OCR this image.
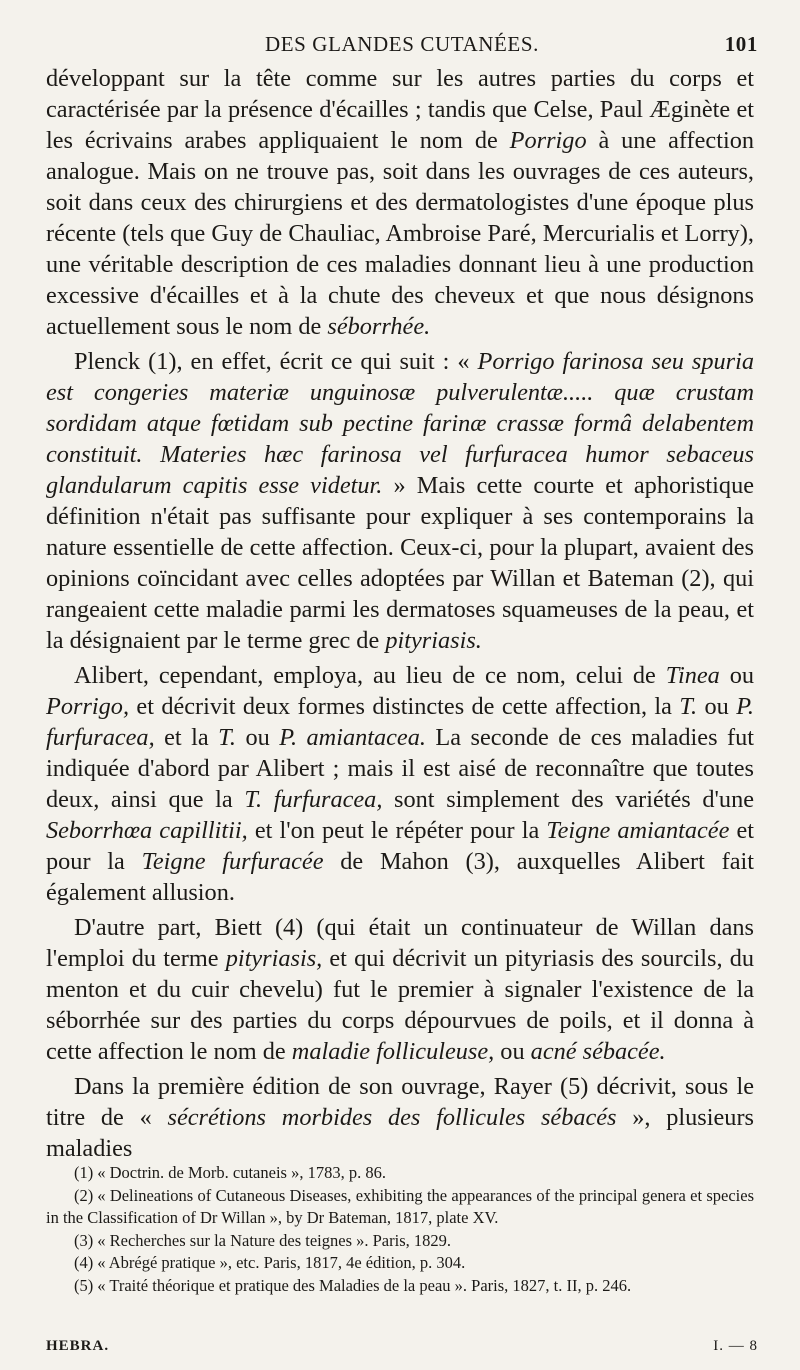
DES GLANDES CUTANÉES.	101

développant sur la tête comme sur les autres parties du corps et caractérisée par la présence d'écailles ; tandis que Celse, Paul Æginète et les écrivains arabes appliquaient le nom de Porrigo à une affection analogue. Mais on ne trouve pas, soit dans les ouvrages de ces auteurs, soit dans ceux des chirurgiens et des dermatologistes d'une époque plus récente (tels que Guy de Chauliac, Ambroise Paré, Mercurialis et Lorry), une véritable description de ces maladies donnant lieu à une production excessive d'écailles et à la chute des cheveux et que nous désignons actuellement sous le nom de séborrhée.

Plenck (1), en effet, écrit ce qui suit : « Porrigo farinosa seu spuria est congeries materiæ unguinosæ pulverulentæ..... quæ crustam sordidam atque fœtidam sub pectine farinæ crassæ formâ delabentem constituit. Materies hæc farinosa vel furfuracea humor sebaceus glandularum capitis esse videtur. » Mais cette courte et aphoristique définition n'était pas suffisante pour expliquer à ses contemporains la nature essentielle de cette affection. Ceux-ci, pour la plupart, avaient des opinions coïncidant avec celles adoptées par Willan et Bateman (2), qui rangeaient cette maladie parmi les dermatoses squameuses de la peau, et la désignaient par le terme grec de pityriasis.

Alibert, cependant, employa, au lieu de ce nom, celui de Tinea ou Porrigo, et décrivit deux formes distinctes de cette affection, la T. ou P. furfuracea, et la T. ou P. amiantacea. La seconde de ces maladies fut indiquée d'abord par Alibert ; mais il est aisé de reconnaître que toutes deux, ainsi que la T. furfuracea, sont simplement des variétés d'une Seborrhœa capillitii, et l'on peut le répéter pour la Teigne amiantacée et pour la Teigne furfuracée de Mahon (3), auxquelles Alibert fait également allusion.

D'autre part, Biett (4) (qui était un continuateur de Willan dans l'emploi du terme pityriasis, et qui décrivit un pityriasis des sourcils, du menton et du cuir chevelu) fut le premier à signaler l'existence de la séborrhée sur des parties du corps dépourvues de poils, et il donna à cette affection le nom de maladie folliculeuse, ou acné sébacée.

Dans la première édition de son ouvrage, Rayer (5) décrivit, sous le titre de « sécrétions morbides des follicules sébacés », plusieurs maladies

(1) « Doctrin. de Morb. cutaneis », 1783, p. 86.

(2) « Delineations of Cutaneous Diseases, exhibiting the appearances of the principal genera et species in the Classification of Dr Willan », by Dr Bateman, 1817, plate XV.

(3) « Recherches sur la Nature des teignes ». Paris, 1829.

(4) « Abrégé pratique », etc. Paris, 1817, 4e édition, p. 304.

(5) « Traité théorique et pratique des Maladies de la peau ». Paris, 1827, t. II, p. 246.

HEBRA.	I. — 8
